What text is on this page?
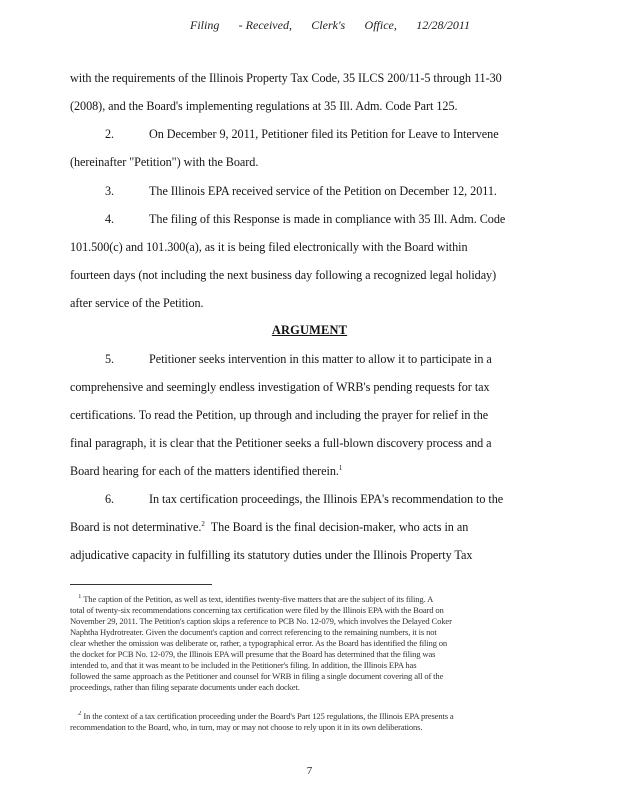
Filing - Received, Clerk's Office, 12/28/2011
with the requirements of the Illinois Property Tax Code, 35 ILCS 200/11-5 through 11-30
(2008), and the Board's implementing regulations at 35 Ill. Adm. Code Part 125.
2.	On December 9, 2011, Petitioner filed its Petition for Leave to Intervene
(hereinafter "Petition") with the Board.
3.	The Illinois EPA received service of the Petition on December 12, 2011.
4.	The filing of this Response is made in compliance with 35 Ill. Adm. Code
101.500(c) and 101.300(a), as it is being filed electronically with the Board within
fourteen days (not including the next business day following a recognized legal holiday)
after service of the Petition.
ARGUMENT
5.	Petitioner seeks intervention in this matter to allow it to participate in a
comprehensive and seemingly endless investigation of WRB's pending requests for tax
certifications. To read the Petition, up through and including the prayer for relief in the
final paragraph, it is clear that the Petitioner seeks a full-blown discovery process and a
Board hearing for each of the matters identified therein.$^1$
6.	In tax certification proceedings, the Illinois EPA's recommendation to the
Board is not determinative.$^2$ The Board is the final decision-maker, who acts in an
adjudicative capacity in fulfilling its statutory duties under the Illinois Property Tax
$^1$ The caption of the Petition, as well as text, identifies twenty-five matters that are the subject of its filing. A
total of twenty-six recommendations concerning tax certification were filed by the Illinois EPA with the Board on
November 29, 2011. The Petition's caption skips a reference to PCB No. 12-079, which involves the Delayed Coker
Naphtha Hydrotreater. Given the document's caption and correct referencing to the remaining numbers, it is not
clear whether the omission was deliberate or, rather, a typographical error. As the Board has identified the filing on
the docket for PCB No. 12-079, the Illinois EPA will presume that the Board has determined that the filing was
intended to, and that it was meant to be included in the Petitioner's filing. In addition, the Illinois EPA has
followed the same approach as the Petitioner and counsel for WRB in filing a single document covering all of the
proceedings, rather than filing separate documents under each docket.
$^2$ In the context of a tax certification proceeding under the Board's Part 125 regulations, the Illinois EPA presents a
recommendation to the Board, who, in turn, may or may not choose to rely upon it in its own deliberations.
7
